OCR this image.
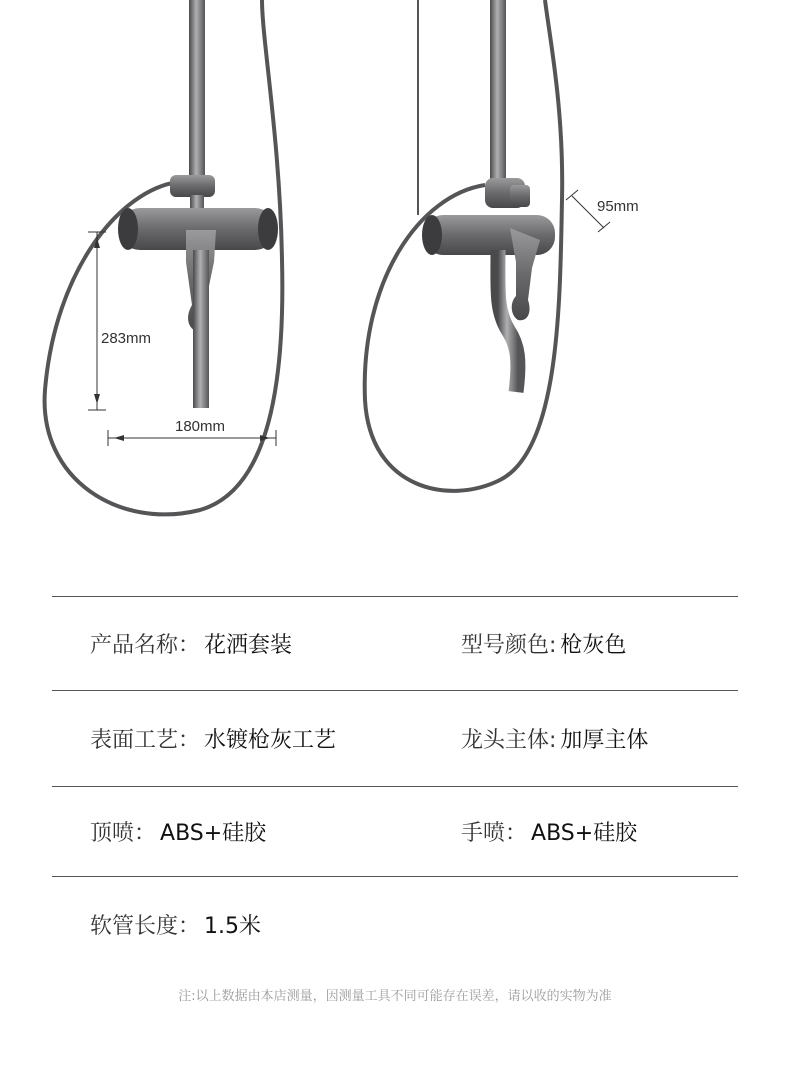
283mm
180mm
95mm
产品名称： 花洒套装	型号颜色: 枪灰色
表面工艺： 水镀枪灰工艺	龙头主体: 加厚主体
顶喷： ABS+硅胶	手喷： ABS+硅胶
软管长度： 1.5米
注:以上数据由本店测量，因测量工具不同可能存在误差，请以收的实物为准
